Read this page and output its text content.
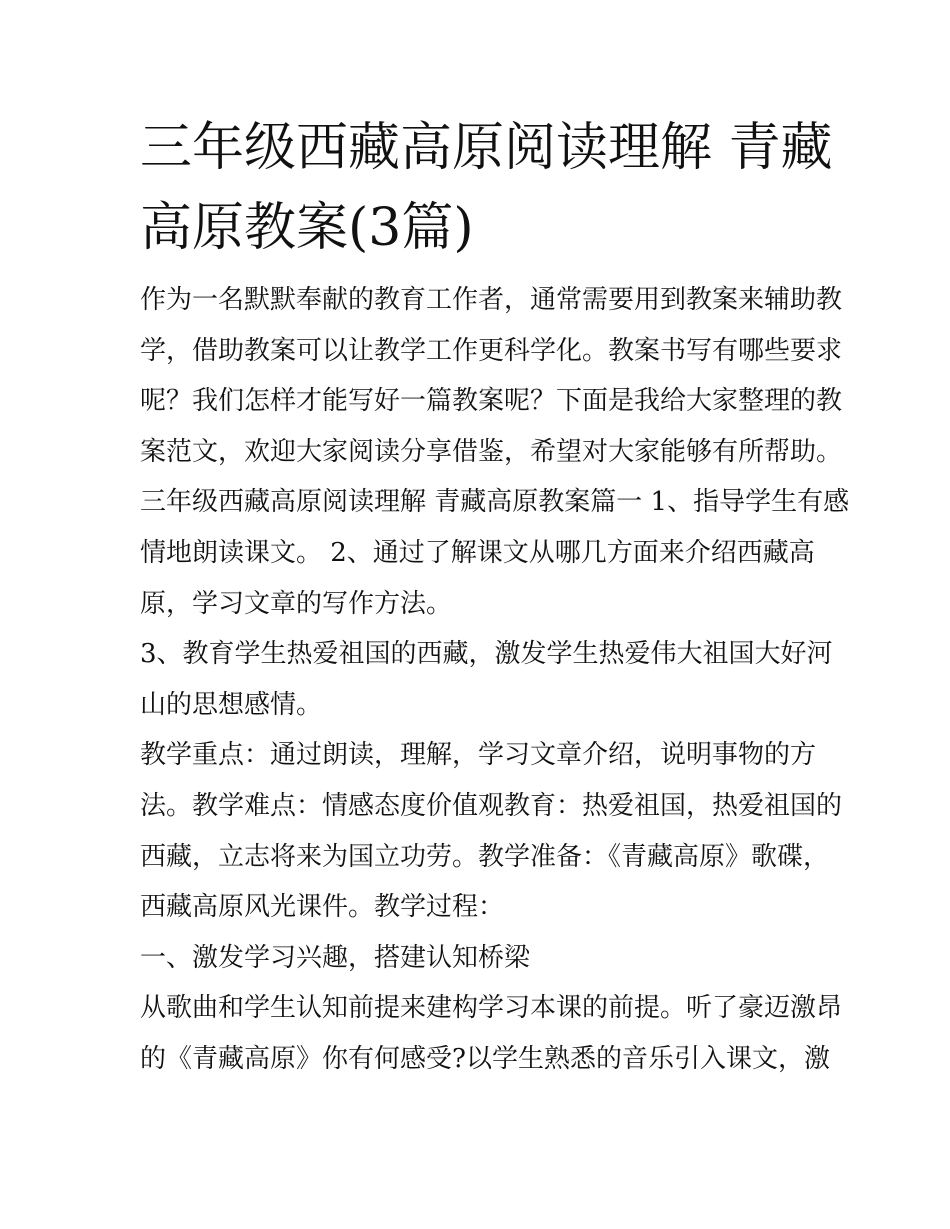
三年级西藏高原阅读理解 青藏
高原教案(3篇)
作为一名默默奉献的教育工作者，通常需要用到教案来辅助教
学，借助教案可以让教学工作更科学化。教案书写有哪些要求
呢？我们怎样才能写好一篇教案呢？下面是我给大家整理的教
案范文，欢迎大家阅读分享借鉴，希望对大家能够有所帮助。
三年级西藏高原阅读理解 青藏高原教案篇一 1、指导学生有感
情地朗读课文。 2、通过了解课文从哪几方面来介绍西藏高
原，学习文章的写作方法。
3、教育学生热爱祖国的西藏，激发学生热爱伟大祖国大好河
山的思想感情。
教学重点：通过朗读，理解，学习文章介绍，说明事物的方
法。教学难点：情感态度价值观教育：热爱祖国，热爱祖国的
西藏，立志将来为国立功劳。教学准备：《青藏高原》歌碟，
西藏高原风光课件。教学过程：
一、激发学习兴趣，搭建认知桥梁
从歌曲和学生认知前提来建构学习本课的前提。听了豪迈激昂
的《青藏高原》你有何感受?以学生熟悉的音乐引入课文，激
